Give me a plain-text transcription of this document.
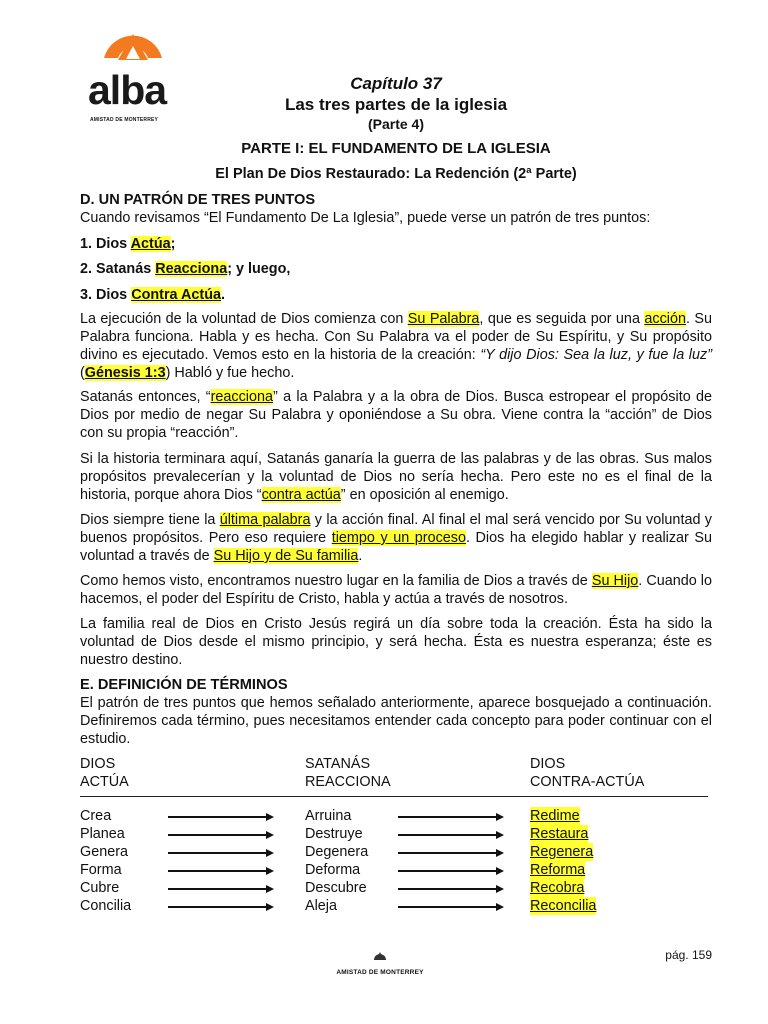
alba
AMISTAD DE MONTERREY
Capítulo 37
Las tres partes de la iglesia
(Parte 4)
PARTE I: EL FUNDAMENTO DE LA IGLESIA
El Plan De Dios Restaurado: La Redención (2ª Parte)
D. UN PATRÓN DE TRES PUNTOS
Cuando revisamos “El Fundamento De La Iglesia”, puede verse un patrón de tres puntos:
1. Dios Actúa;
2. Satanás Reacciona; y luego,
3. Dios Contra Actúa.
La ejecución de la voluntad de Dios comienza con Su Palabra, que es seguida por una acción. Su Palabra funciona. Habla y es hecha. Con Su Palabra va el poder de Su Espíritu, y Su propósito divino es ejecutado. Vemos esto en la historia de la creación: “Y dijo Dios: Sea la luz, y fue la luz” (Génesis 1:3) Habló y fue hecho.
Satanás entonces, “reacciona” a la Palabra y a la obra de Dios. Busca estropear el propósito de Dios por medio de negar Su Palabra y oponiéndose a Su obra. Viene contra la “acción” de Dios con su propia “reacción”.
Si la historia terminara aquí, Satanás ganaría la guerra de las palabras y de las obras. Sus malos propósitos prevalecerían y la voluntad de Dios no sería hecha. Pero este no es el final de la historia, porque ahora Dios “contra actúa” en oposición al enemigo.
Dios siempre tiene la última palabra y la acción final. Al final el mal será vencido por Su voluntad y buenos propósitos. Pero eso requiere tiempo y un proceso. Dios ha elegido hablar y realizar Su voluntad a través de Su Hijo y de Su familia.
Como hemos visto, encontramos nuestro lugar en la familia de Dios a través de Su Hijo. Cuando lo hacemos, el poder del Espíritu de Cristo, habla y actúa a través de nosotros.
La familia real de Dios en Cristo Jesús regirá un día sobre toda la creación. Ésta ha sido la voluntad de Dios desde el mismo principio, y será hecha. Ésta es nuestra esperanza; éste es nuestro destino.
E. DEFINICIÓN DE TÉRMINOS
El patrón de tres puntos que hemos señalado anteriormente, aparece bosquejado a continuación. Definiremos cada término, pues necesitamos entender cada concepto para poder continuar con el estudio.
DIOS
ACTÚA
SATANÁS
REACCIONA
DIOS
CONTRA-ACTÚA
Crea	Arruina	Redime
Planea	Destruye	Restaura
Genera	Degenera	Regenera
Forma	Deforma	Reforma
Cubre	Descubre	Recobra
Concilia	Aleja	Reconcilia
AMISTAD DE MONTERREY
pág. 159
